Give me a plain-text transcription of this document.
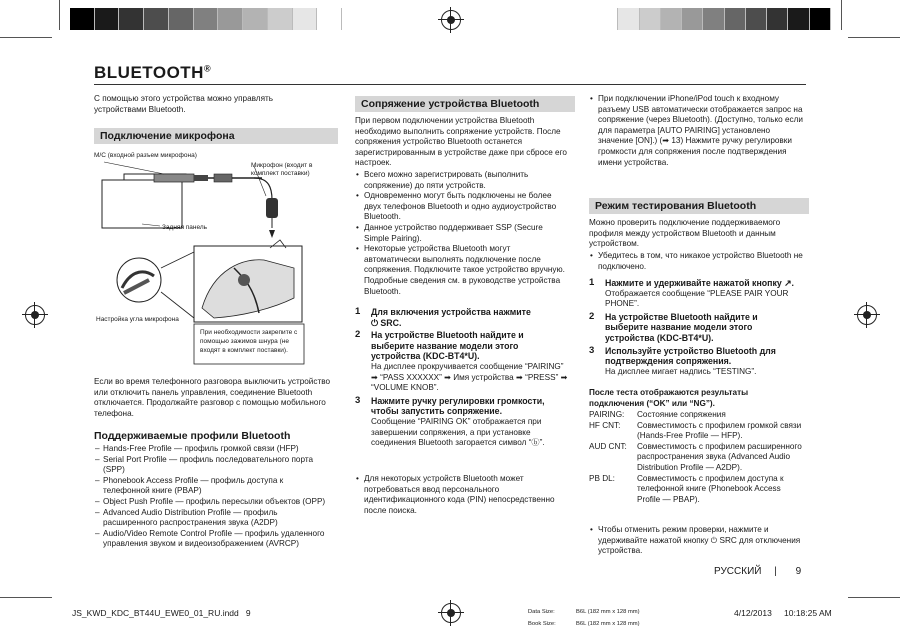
BLUETOOTH®
С помощью этого устройства можно управлять устройствами Bluetooth.
Подключение микрофона
M/C (входной разъем микрофона)
Микрофон (входит в комплект поставки)
Задняя панель
Настройка угла микрофона
При необходимости закрепите с помощью зажимов шнура (не входят в комплект поставки).
Если во время телефонного разговора выключить устройство или отключить панель управления, соединение Bluetooth отключается. Продолжайте разговор с помощью мобильного телефона.
Поддерживаемые профили Bluetooth
– Hands-Free Profile — профиль громкой связи (HFP)
– Serial Port Profile — профиль последовательного порта (SPP)
– Phonebook Access Profile — профиль доступа к телефонной книге (PBAP)
– Object Push Profile — профиль пересылки объектов (OPP)
– Advanced Audio Distribution Profile — профиль расширенного распространения звука (A2DP)
– Audio/Video Remote Control Profile — профиль удаленного управления звуком и видеоизображением (AVRCP)
Сопряжение устройства Bluetooth
При первом подключении устройства Bluetooth необходимо выполнить сопряжение устройств. После сопряжения устройство Bluetooth останется зарегистрированным в устройстве даже при сбросе его настроек.
• Всего можно зарегистрировать (выполнить сопряжение) до пяти устройств.
• Одновременно могут быть подключены не более двух телефонов Bluetooth и одно аудиоустройство Bluetooth.
• Данное устройство поддерживает SSP (Secure Simple Pairing).
• Некоторые устройства Bluetooth могут автоматически выполнять подключение после сопряжения. Подключите такое устройство вручную. Подробные сведения см. в руководстве устройства Bluetooth.
1 Для включения устройства нажмите
⏻ SRC.
2 На устройстве Bluetooth найдите и выберите название модели этого устройства (KDC-BT4*U).
На дисплее прокручивается сообщение “PAIRING” ➡ “PASS XXXXXX” ➡ Имя устройства ➡ “PRESS” ➡ “VOLUME KNOB”.
3 Нажмите ручку регулировки громкости, чтобы запустить сопряжение.
Сообщение “PAIRING OK” отображается при завершении сопряжения, а при установке соединения Bluetooth загорается символ “ⓑ”.
• Для некоторых устройств Bluetooth может потребоваться ввод персонального идентификационного кода (PIN) непосредственно после поиска.
• При подключении iPhone/iPod touch к входному разъему USB автоматически отображается запрос на сопряжение (через Bluetooth). (Доступно, только если для параметра [AUTO PAIRING] установлено значение [ON].) (➡ 13) Нажмите ручку регулировки громкости для сопряжения после подтверждения имени устройства.
Режим тестирования Bluetooth
Можно проверить подключение поддерживаемого профиля между устройством Bluetooth и данным устройством.
• Убедитесь в том, что никакое устройство Bluetooth не подключено.
1 Нажмите и удерживайте нажатой кнопку ↗.
Отображается сообщение “PLEASE PAIR YOUR PHONE”.
2 На устройстве Bluetooth найдите и выберите название модели этого устройства (KDC-BT4*U).
3 Используйте устройство Bluetooth для подтверждения сопряжения.
На дисплее мигает надпись “TESTING”.
После теста отображаются результаты подключения (“OK” или “NG”).
PAIRING:	Состояние сопряжения
HF CNT:	Совместимость с профилем громкой связи (Hands-Free Profile — HFP).
AUD CNT:	Совместимость с профилем расширенного распространения звука (Advanced Audio Distribution Profile — A2DP).
PB DL:	Совместимость с профилем доступа к телефонной книге (Phonebook Access Profile — PBAP).
• Чтобы отменить режим проверки, нажмите и удерживайте нажатой кнопку ⏻ SRC для отключения устройства.
РУССКИЙ | 9
JS_KWD_KDC_BT44U_EWE0_01_RU.indd   9	Data Size:	B6L (182 mm x 128 mm)
Book Size:	B6L (182 mm x 128 mm)
4/12/2013 10:18:25 AM
